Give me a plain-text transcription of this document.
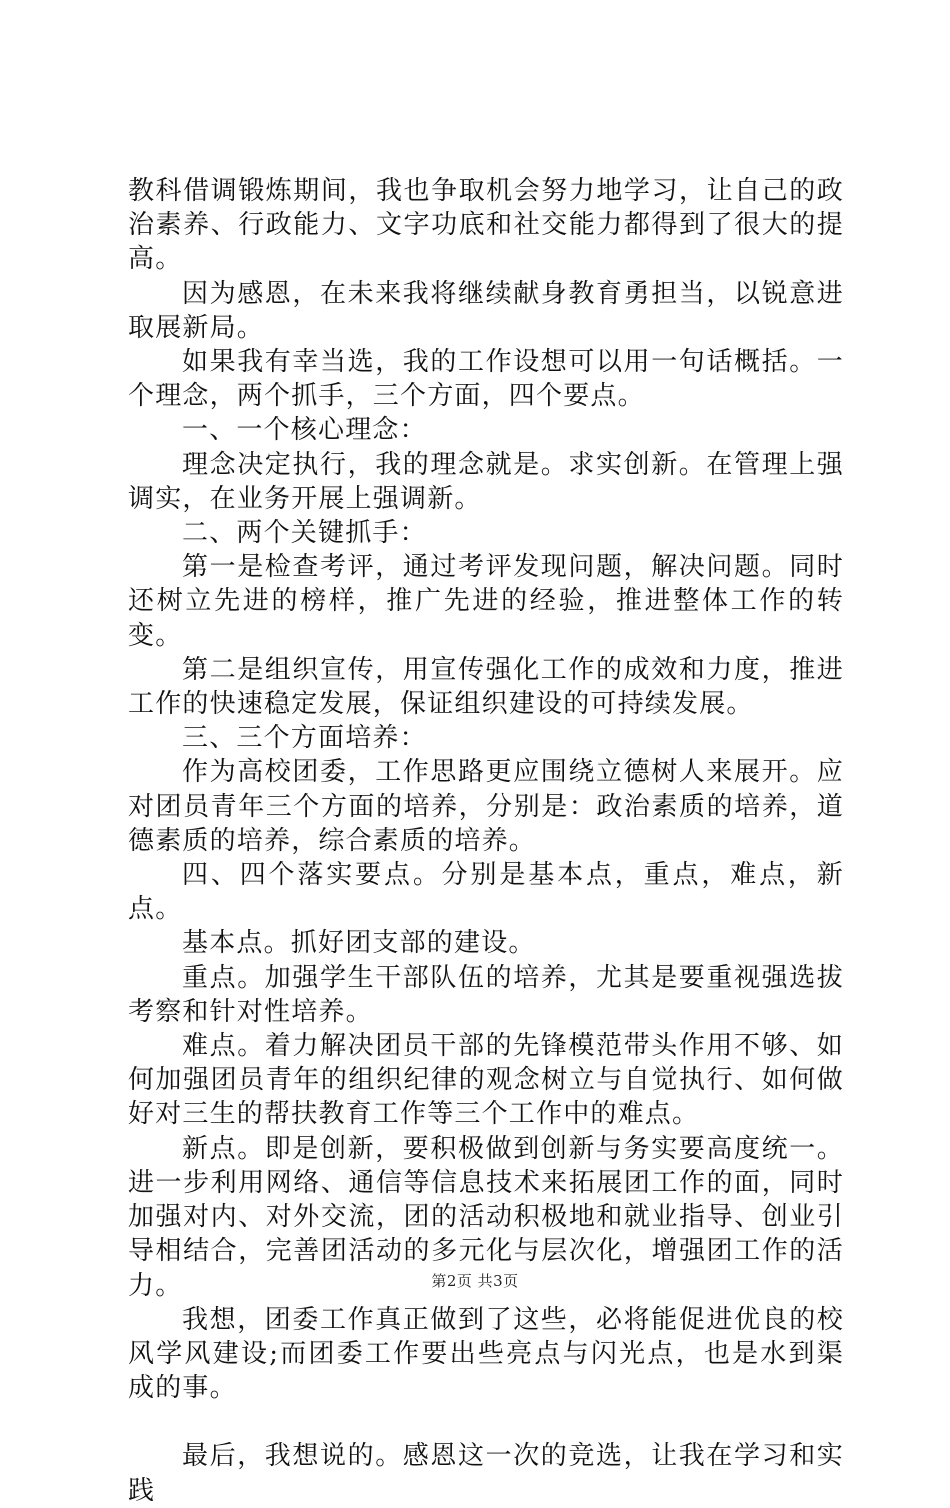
教科借调锻炼期间，我也争取机会努力地学习，让自己的政治素养、行政能力、文字功底和社交能力都得到了很大的提高。

因为感恩，在未来我将继续献身教育勇担当，以锐意进取展新局。

如果我有幸当选，我的工作设想可以用一句话概括。一个理念，两个抓手，三个方面，四个要点。

一、一个核心理念：

理念决定执行，我的理念就是。求实创新。在管理上强调实，在业务开展上强调新。

二、两个关键抓手：

第一是检查考评，通过考评发现问题，解决问题。同时还树立先进的榜样，推广先进的经验，推进整体工作的转变。

第二是组织宣传，用宣传强化工作的成效和力度，推进工作的快速稳定发展，保证组织建设的可持续发展。

三、三个方面培养：

作为高校团委，工作思路更应围绕立德树人来展开。应对团员青年三个方面的培养，分别是：政治素质的培养，道德素质的培养，综合素质的培养。

四、四个落实要点。分别是基本点，重点，难点，新点。

基本点。抓好团支部的建设。

重点。加强学生干部队伍的培养，尤其是要重视强选拔考察和针对性培养。

难点。着力解决团员干部的先锋模范带头作用不够、如何加强团员青年的组织纪律的观念树立与自觉执行、如何做好对三生的帮扶教育工作等三个工作中的难点。

新点。即是创新，要积极做到创新与务实要高度统一。进一步利用网络、通信等信息技术来拓展团工作的面，同时加强对内、对外交流，团的活动积极地和就业指导、创业引导相结合，完善团活动的多元化与层次化，增强团工作的活力。

我想，团委工作真正做到了这些，必将能促进优良的校风学风建设;而团委工作要出些亮点与闪光点，也是水到渠成的事。

最后，我想说的。感恩这一次的竞选，让我在学习和实践

第2页 共3页
